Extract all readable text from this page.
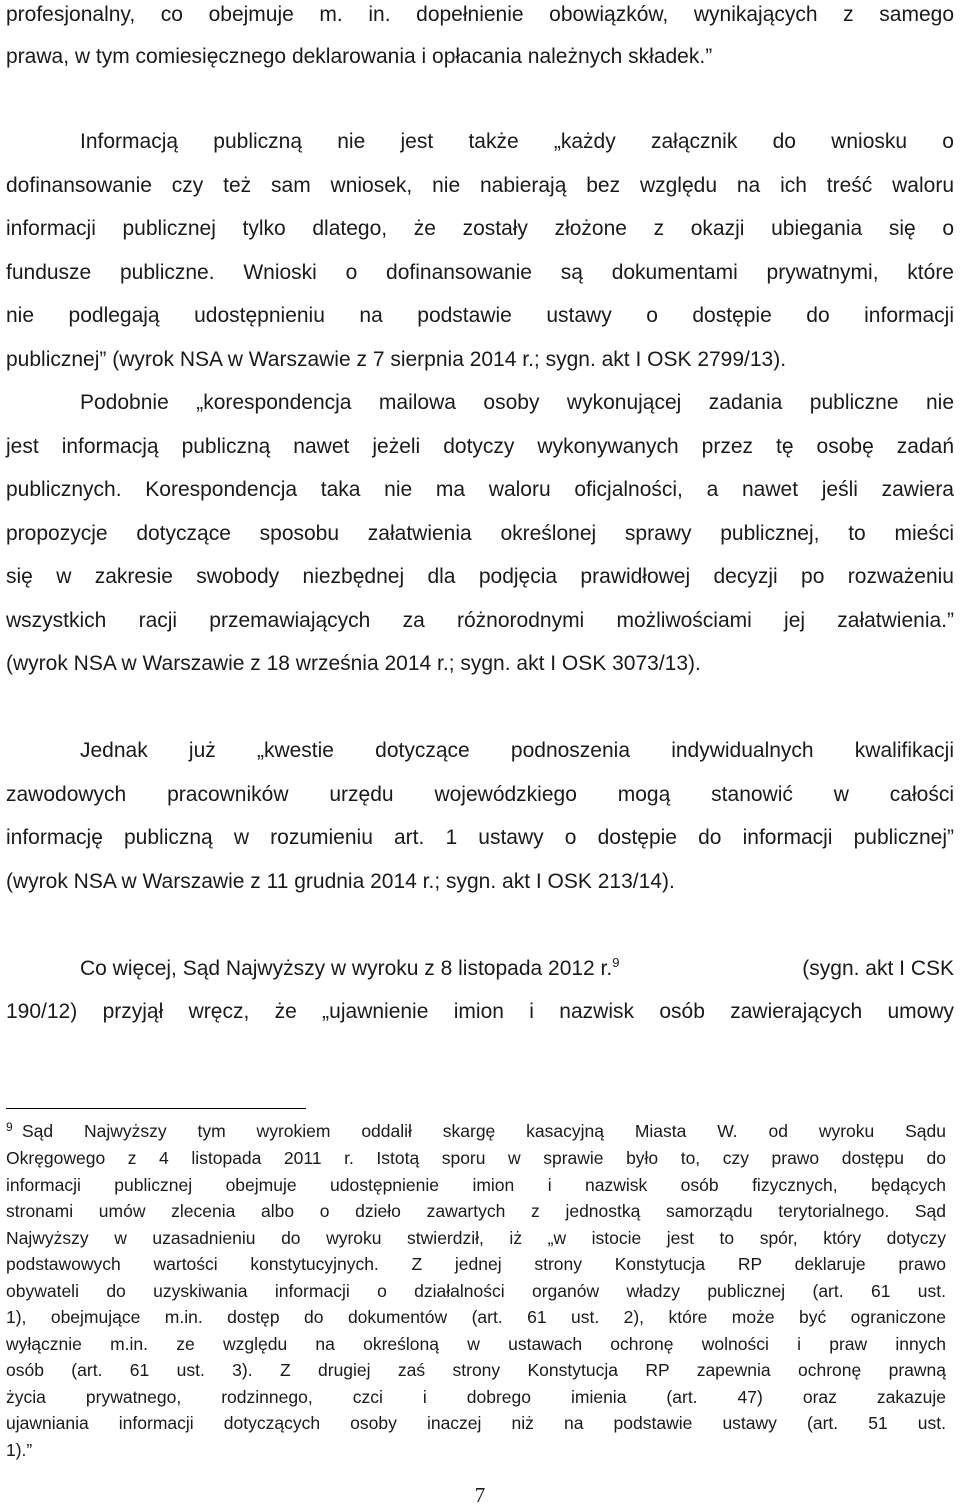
profesjonalny, co obejmuje m. in. dopełnienie obowiązków, wynikających z samego
prawa, w tym comiesięcznego deklarowania i opłacania należnych składek.”
Informacją publiczną nie jest także „każdy załącznik do wniosku o
dofinansowanie czy też sam wniosek, nie nabierają bez względu na ich treść waloru
informacji publicznej tylko dlatego, że zostały złożone z okazji ubiegania się o
fundusze publiczne. Wnioski o dofinansowanie są dokumentami prywatnymi, które
nie podlegają udostępnieniu na podstawie ustawy o dostępie do informacji
publicznej” (wyrok NSA w Warszawie z 7 sierpnia 2014 r.; sygn. akt I OSK 2799/13).
Podobnie „korespondencja mailowa osoby wykonującej zadania publiczne nie
jest informacją publiczną nawet jeżeli dotyczy wykonywanych przez tę osobę zadań
publicznych. Korespondencja taka nie ma waloru oficjalności, a nawet jeśli zawiera
propozycje dotyczące sposobu załatwienia określonej sprawy publicznej, to mieści
się w zakresie swobody niezbędnej dla podjęcia prawidłowej decyzji po rozważeniu
wszystkich racji przemawiających za różnorodnymi możliwościami jej załatwienia.”
(wyrok NSA w Warszawie z 18 września 2014 r.; sygn. akt I OSK 3073/13).
Jednak już „kwestie dotyczące podnoszenia indywidualnych kwalifikacji
zawodowych pracowników urzędu wojewódzkiego mogą stanowić w całości
informację publiczną w rozumieniu art. 1 ustawy o dostępie do informacji publicznej”
(wyrok NSA w Warszawie z 11 grudnia 2014 r.; sygn. akt I OSK 213/14).
Co więcej, Sąd Najwyższy w wyroku z 8 listopada 2012 r.$^9$	(sygn. akt I CSK
190/12) przyjął wręcz, że „ujawnienie imion i nazwisk osób zawierających umowy
9 Sąd Najwyższy tym wyrokiem oddalił skargę kasacyjną Miasta W. od wyroku Sądu
Okręgowego z 4 listopada 2011 r. Istotą sporu w sprawie było to, czy prawo dostępu do
informacji publicznej obejmuje udostępnienie imion i nazwisk osób fizycznych, będących
stronami umów zlecenia albo o dzieło zawartych z jednostką samorządu terytorialnego. Sąd
Najwyższy w uzasadnieniu do wyroku stwierdził, iż „w istocie jest to spór, który dotyczy
podstawowych wartości konstytucyjnych. Z jednej strony Konstytucja RP deklaruje prawo
obywateli do uzyskiwania informacji o działalności organów władzy publicznej (art. 61 ust.
1), obejmujące m.in. dostęp do dokumentów (art. 61 ust. 2), które może być ograniczone
wyłącznie m.in. ze względu na określoną w ustawach ochronę wolności i praw innych
osób (art. 61 ust. 3). Z drugiej zaś strony Konstytucja RP zapewnia ochronę prawną
życia prywatnego, rodzinnego, czci i dobrego imienia (art. 47) oraz zakazuje
ujawniania informacji dotyczących osoby inaczej niż na podstawie ustawy (art. 51 ust.
1).”
7
